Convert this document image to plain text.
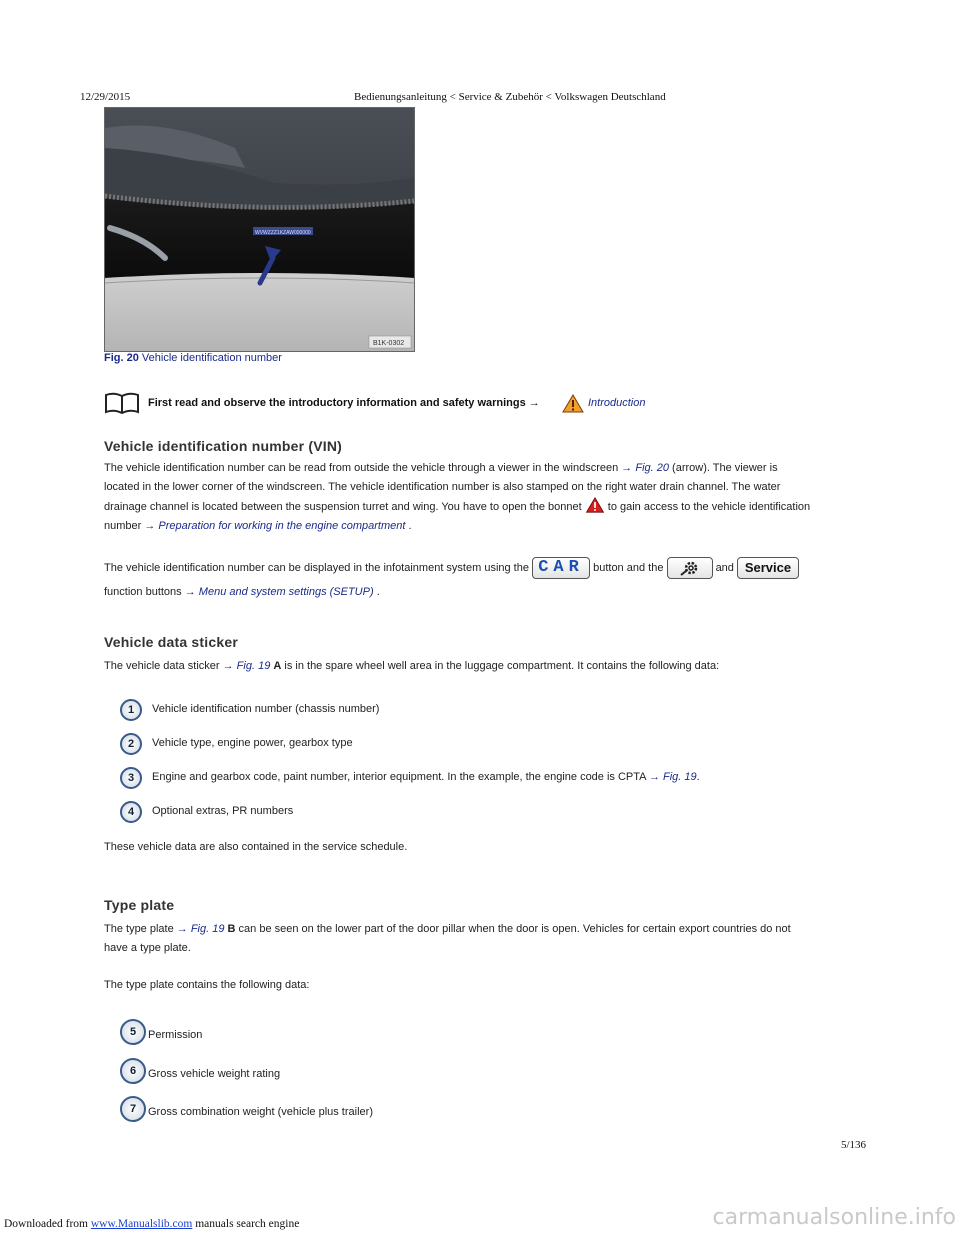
12/29/2015	Bedienungsanleitung < Service & Zubehör < Volkswagen Deutschland
WVWZZZ1KZAW000000
B1K-0302
Fig. 20 Vehicle identification number
First read and observe the introductory information and safety warnings →	Introduction
Vehicle identification number (VIN)
The vehicle identification number can be read from outside the vehicle through a viewer in the windscreen → Fig. 20 (arrow). The viewer is
located in the lower corner of the windscreen. The vehicle identification number is also stamped on the right water drain channel. The water
drainage channel is located between the suspension turret and wing. You have to open the bonnet to gain access to the vehicle identification
number → Preparation for working in the engine compartment .
The vehicle identification number can be displayed in the infotainment system using the CAR button and the	and Service
function buttons → Menu and system settings (SETUP) .
Vehicle data sticker
The vehicle data sticker → Fig. 19 A is in the spare wheel well area in the luggage compartment. It contains the following data:
1	Vehicle identification number (chassis number)
2	Vehicle type, engine power, gearbox type
3	Engine and gearbox code, paint number, interior equipment. In the example, the engine code is CPTA → Fig. 19.
4	Optional extras, PR numbers
These vehicle data are also contained in the service schedule.
Type plate
The type plate → Fig. 19 B can be seen on the lower part of the door pillar when the door is open. Vehicles for certain export countries do not
have a type plate.
The type plate contains the following data:
5	Permission
6	Gross vehicle weight rating
7	Gross combination weight (vehicle plus trailer)
5/136
Downloaded from www.Manualslib.com manuals search engine	carmanualsonline.info
